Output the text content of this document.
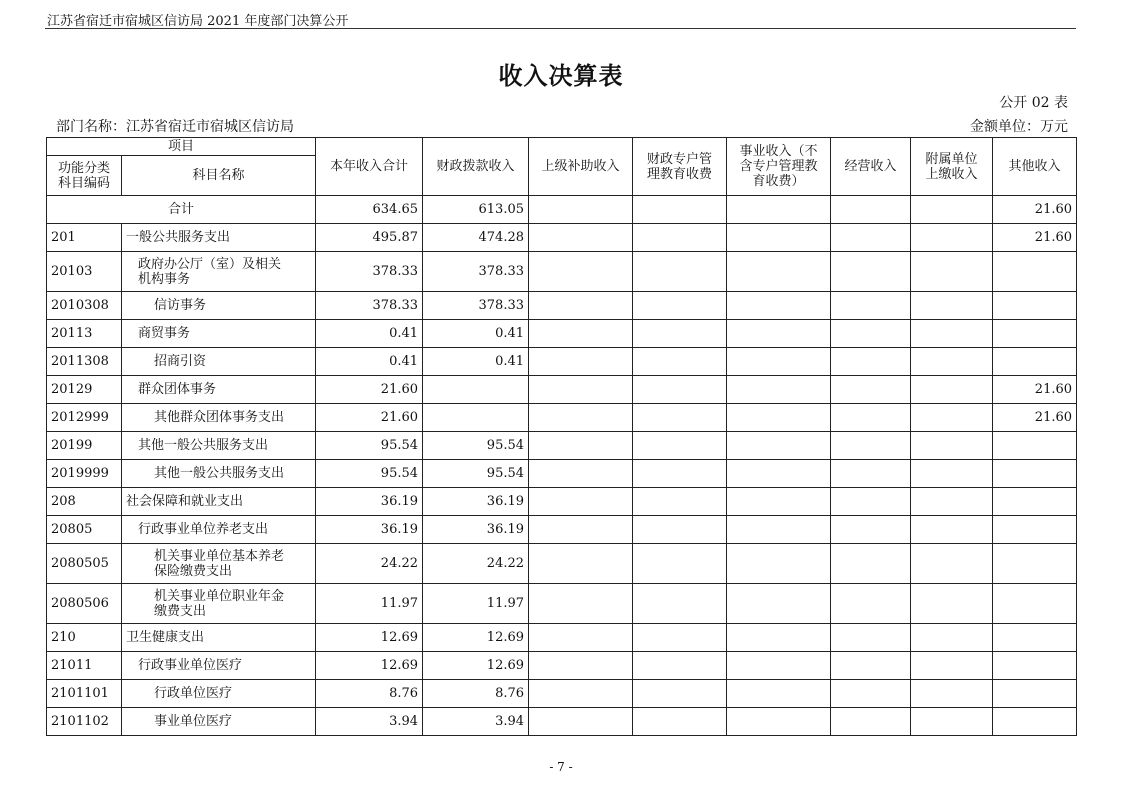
江苏省宿迁市宿城区信访局 2021 年度部门决算公开
收入决算表
公开 02 表
部门名称：江苏省宿迁市宿城区信访局	金额单位：万元
项目		本年收入合计	财政拨款收入	上级补助收入	财政专户管
理教育收费	事业收入（不
含专户管理教
育收费）	经营收入	附属单位
上缴收入	其他收入
功能分类
科目编码	科目名称								
合计		634.65	613.05						21.60
201	一般公共服务支出	495.87	474.28						21.60
20103	政府办公厅（室）及相关
机构事务	378.33	378.33						
2010308	信访事务	378.33	378.33						
20113	商贸事务	0.41	0.41						
2011308	招商引资	0.41	0.41						
20129	群众团体事务	21.60							21.60
2012999	其他群众团体事务支出	21.60							21.60
20199	其他一般公共服务支出	95.54	95.54						
2019999	其他一般公共服务支出	95.54	95.54						
208	社会保障和就业支出	36.19	36.19						
20805	行政事业单位养老支出	36.19	36.19						
2080505	机关事业单位基本养老
保险缴费支出	24.22	24.22						
2080506	机关事业单位职业年金
缴费支出	11.97	11.97						
210	卫生健康支出	12.69	12.69						
21011	行政事业单位医疗	12.69	12.69						
2101101	行政单位医疗	8.76	8.76						
2101102	事业单位医疗	3.94	3.94						
- 7 -
